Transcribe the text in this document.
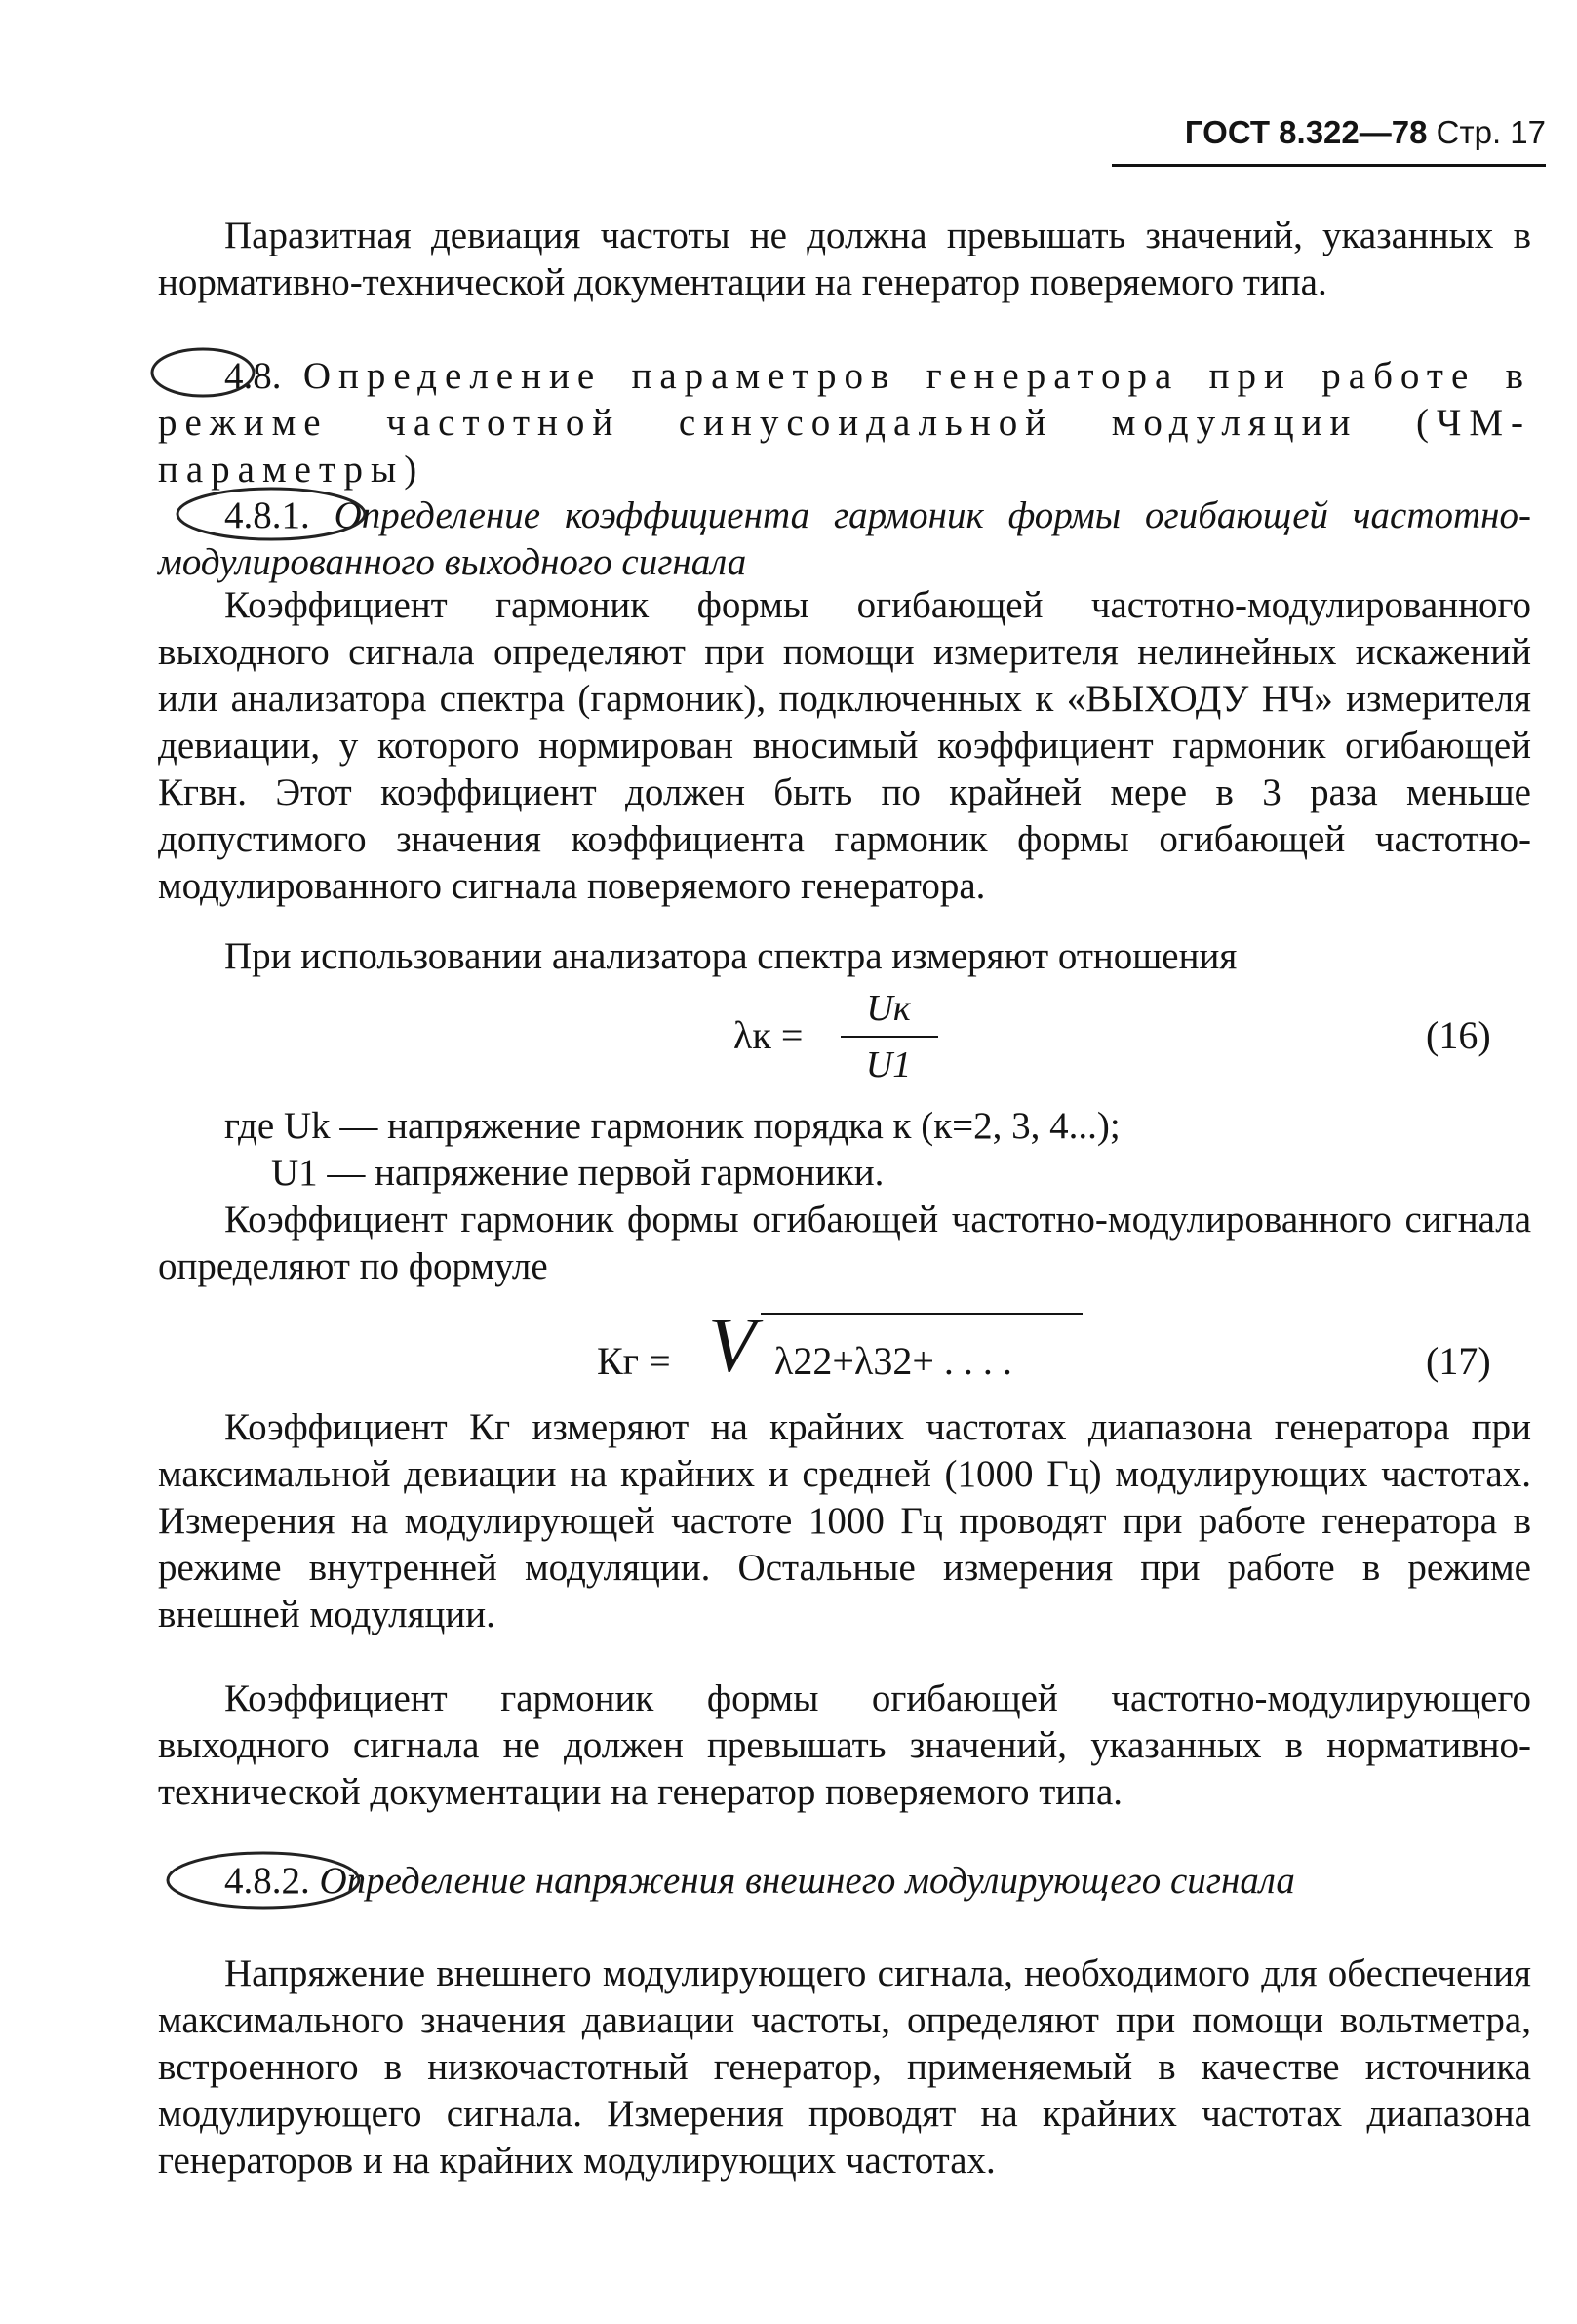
ГОСТ 8.322—78 Стр. 17

Паразитная девиация частоты не должна превышать значений, указанных в нормативно-технической документации на генератор поверяемого типа.

4.8. Определение параметров генератора при работе в режиме частотной синусоидальной модуляции (ЧМ-параметры)

4.8.1. Определение коэффициента гармоник формы огибающей частотно-модулированного выходного сигнала

Коэффициент гармоник формы огибающей частотно-модулированного выходного сигнала определяют при помощи измерителя нелинейных искажений или анализатора спектра (гармоник), подключенных к «ВЫХОДУ НЧ» измерителя девиации, у которого нормирован вносимый коэффициент гармоник огибающей Кгвн. Этот коэффициент должен быть по крайней мере в 3 раза меньше допустимого значения коэффициента гармоник формы огибающей частотно-модулированного сигнала поверяемого генератора.

При использовании анализатора спектра измеряют отношения

λк =
Uк
U1
(16)

где Uk — напряжение гармоник порядка к (к=2, 3, 4...);

U1 — напряжение первой гармоники.

Коэффициент гармоник формы огибающей частотно-модулированного сигнала определяют по формуле

Кг = V λ22+λ32+ . . . .	(17)

Коэффициент Кг измеряют на крайних частотах диапазона генератора при максимальной девиации на крайних и средней (1000 Гц) модулирующих частотах. Измерения на модулирующей частоте 1000 Гц проводят при работе генератора в режиме внутренней модуляции. Остальные измерения при работе в режиме внешней модуляции.

Коэффициент гармоник формы огибающей частотно-модулирующего выходного сигнала не должен превышать значений, указанных в нормативно-технической документации на генератор поверяемого типа.

4.8.2. Определение напряжения внешнего модулирующего сигнала

Напряжение внешнего модулирующего сигнала, необходимого для обеспечения максимального значения давиации частоты, определяют при помощи вольтметра, встроенного в низкочастотный генератор, применяемый в качестве источника модулирующего сигнала. Измерения проводят на крайних частотах диапазона генераторов и на крайних модулирующих частотах.
